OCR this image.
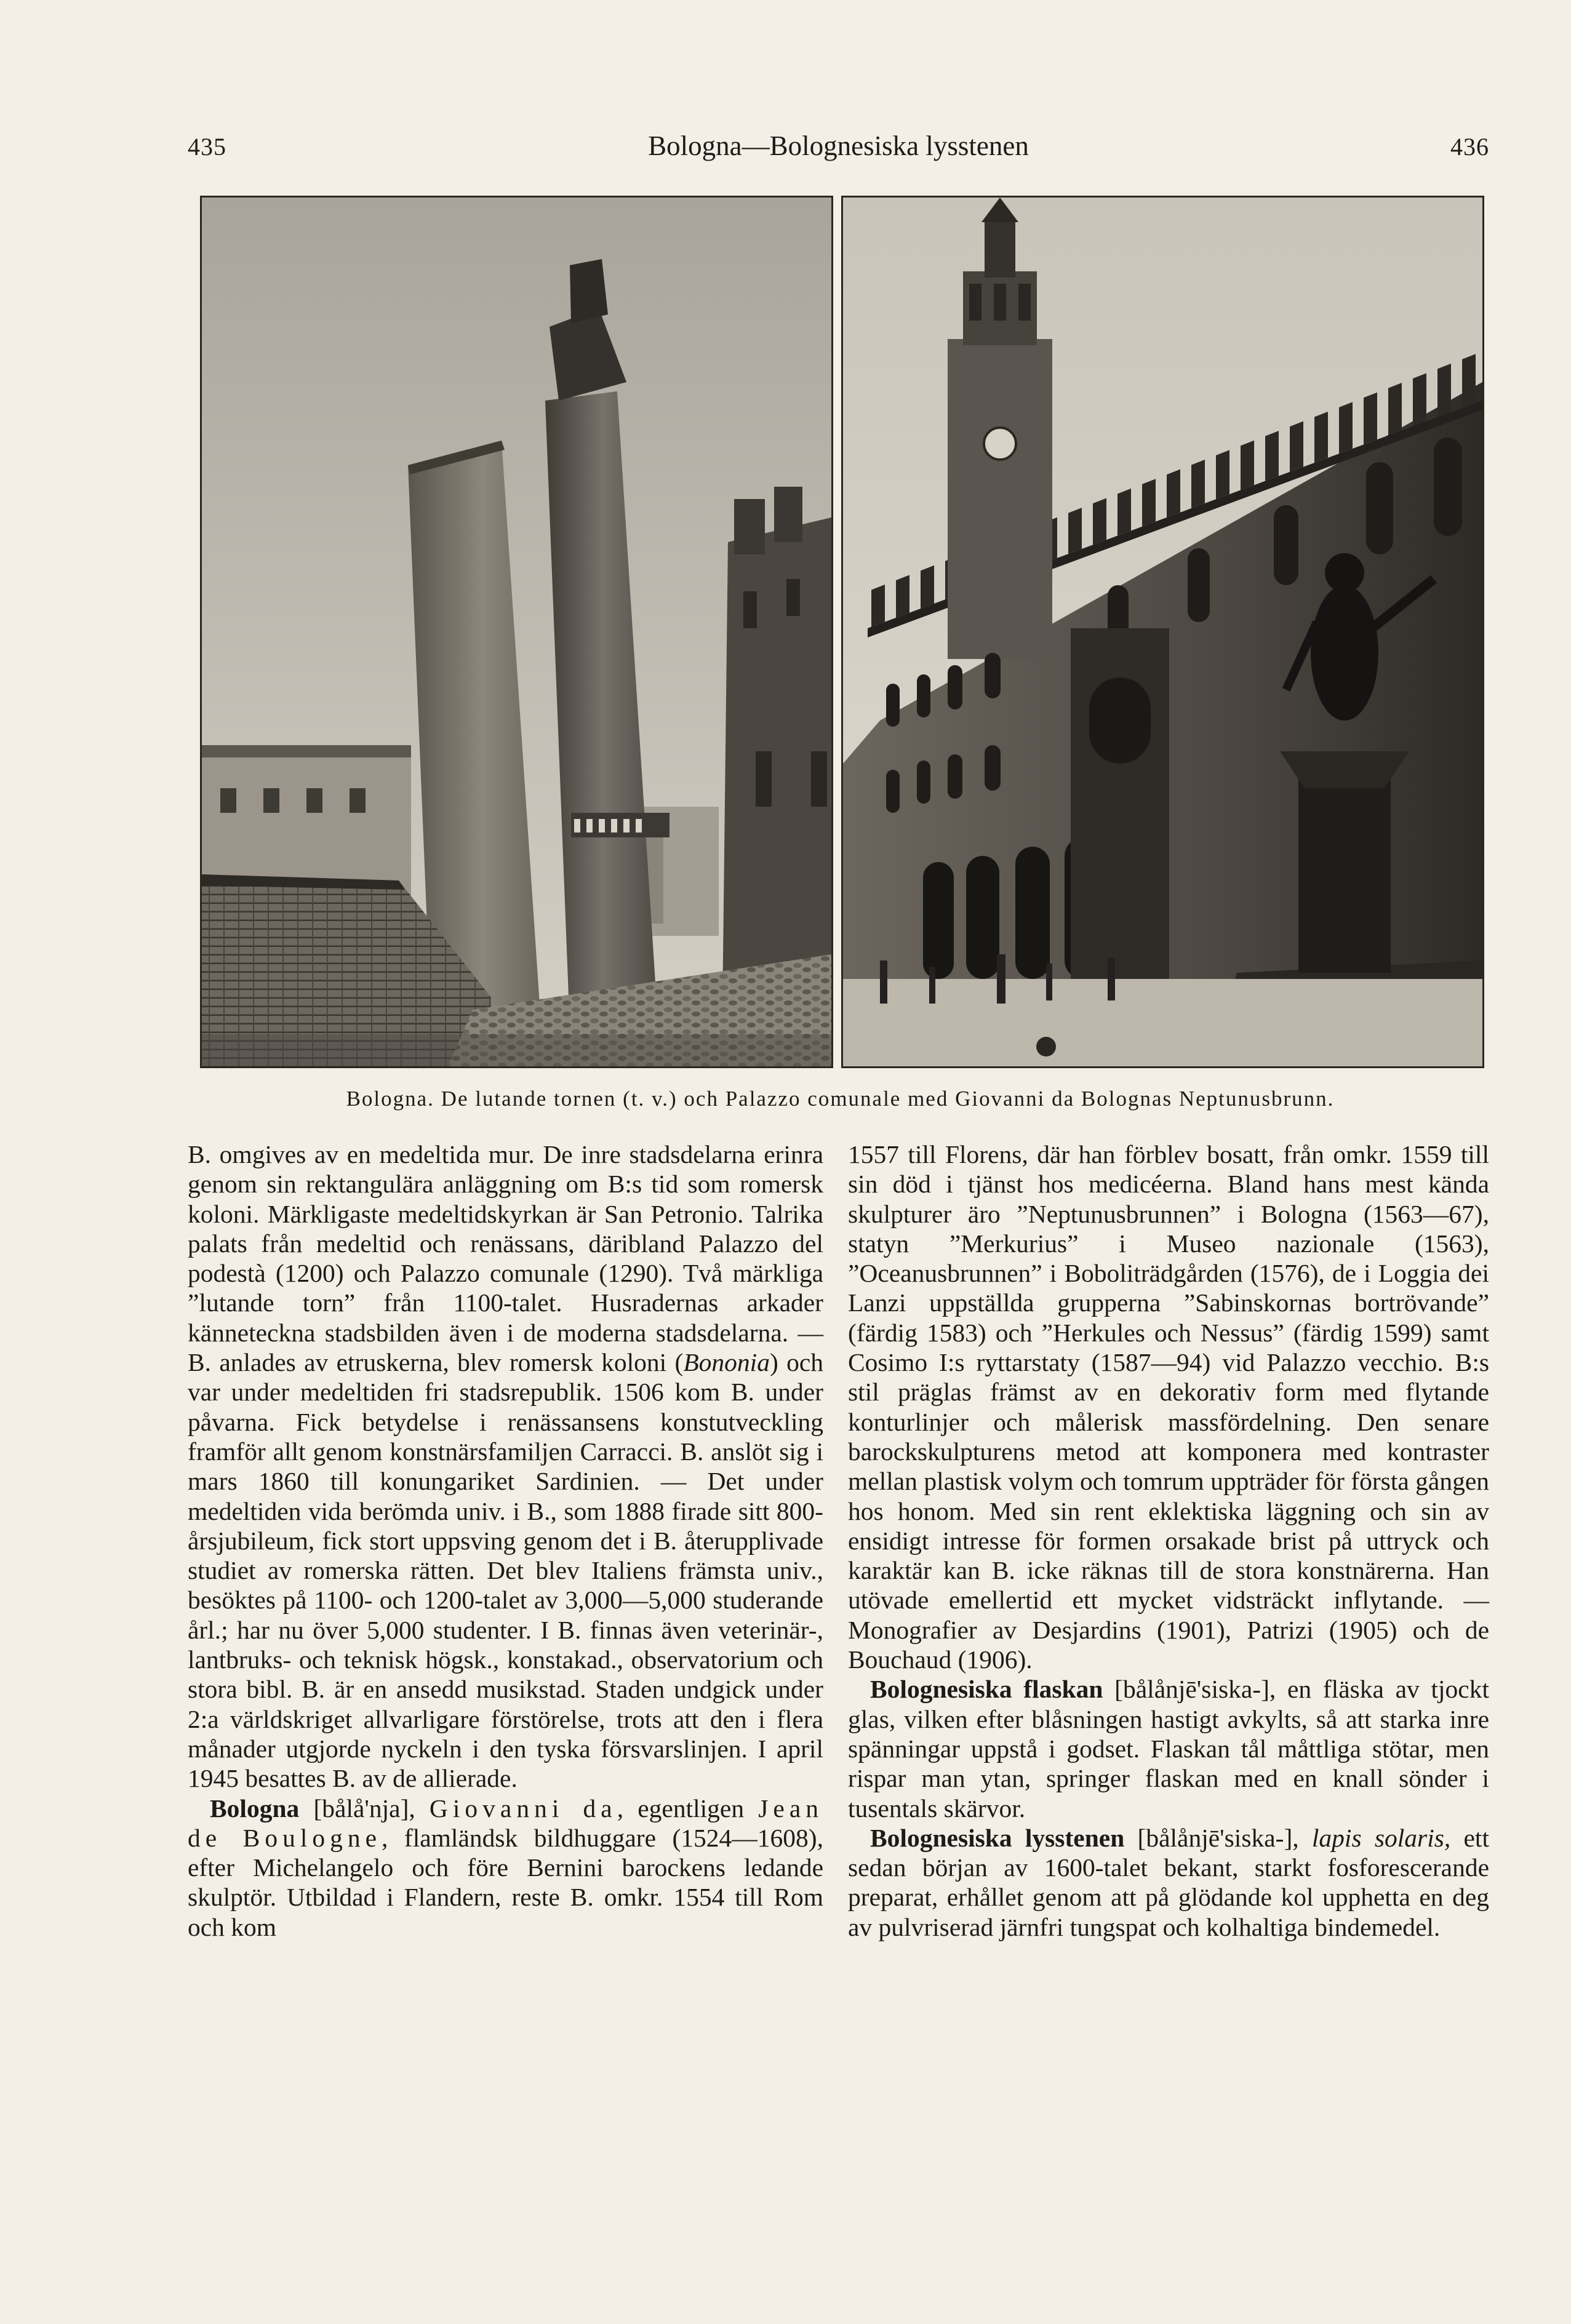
435	Bologna—Bolognesiska lysstenen	436
Bologna. De lutande tornen (t. v.) och Palazzo comunale med Giovanni da Bolognas Neptunusbrunn.

B. omgives av en medeltida mur. De inre stadsdelarna erinra genom sin rektangulära anläggning om B:s tid som romersk koloni. Märkligaste medeltidskyrkan är San Petronio. Talrika palats från medeltid och renässans, däribland Palazzo del podestà (1200) och Palazzo comunale (1290). Två märkliga ”lutande torn” från 1100-talet. Husradernas arkader känneteckna stadsbilden även i de moderna stadsdelarna. — B. anlades av etruskerna, blev romersk koloni (Bononia) och var under medeltiden fri stadsrepublik. 1506 kom B. under påvarna. Fick betydelse i renässansens konstutveckling framför allt genom konstnärsfamiljen Carracci. B. anslöt sig i mars 1860 till konungariket Sardinien. — Det under medeltiden vida berömda univ. i B., som 1888 firade sitt 800-årsjubileum, fick stort uppsving genom det i B. återupplivade studiet av romerska rätten. Det blev Italiens främsta univ., besöktes på 1100- och 1200-talet av 3,000—5,000 studerande årl.; har nu över 5,000 studenter. I B. finnas även veterinär-, lantbruks- och teknisk högsk., konstakad., observatorium och stora bibl. B. är en ansedd musikstad. Staden undgick under 2:a världskriget allvarligare förstörelse, trots att den i flera månader utgjorde nyckeln i den tyska försvarslinjen. I april 1945 besattes B. av de allierade.

Bologna [bålå'nja], Giovanni da, egentligen Jean de Boulogne, flamländsk bildhuggare (1524—1608), efter Michelangelo och före Bernini barockens ledande skulptör. Utbildad i Flandern, reste B. omkr. 1554 till Rom och kom

1557 till Florens, där han förblev bosatt, från omkr. 1559 till sin död i tjänst hos medicéerna. Bland hans mest kända skulpturer äro ”Neptunusbrunnen” i Bologna (1563—67), statyn ”Merkurius” i Museo nazionale (1563), ”Oceanusbrunnen” i Boboliträdgården (1576), de i Loggia dei Lanzi uppställda grupperna ”Sabinskornas bortrövande” (färdig 1583) och ”Herkules och Nessus” (färdig 1599) samt Cosimo I:s ryttarstaty (1587—94) vid Palazzo vecchio. B:s stil präglas främst av en dekorativ form med flytande konturlinjer och målerisk massfördelning. Den senare barockskulpturens metod att komponera med kontraster mellan plastisk volym och tomrum uppträder för första gången hos honom. Med sin rent eklektiska läggning och sin av ensidigt intresse för formen orsakade brist på uttryck och karaktär kan B. icke räknas till de stora konstnärerna. Han utövade emellertid ett mycket vidsträckt inflytande. — Monografier av Desjardins (1901), Patrizi (1905) och de Bouchaud (1906).

Bolognesiska flaskan [bålånjē'siska-], en fläska av tjockt glas, vilken efter blåsningen hastigt avkylts, så att starka inre spänningar uppstå i godset. Flaskan tål måttliga stötar, men rispar man ytan, springer flaskan med en knall sönder i tusentals skärvor.

Bolognesiska lysstenen [bålånjē'siska-], lapis solaris, ett sedan början av 1600-talet bekant, starkt fosforescerande preparat, erhållet genom att på glödande kol upphetta en deg av pulvriserad järnfri tungspat och kolhaltiga bindemedel.
